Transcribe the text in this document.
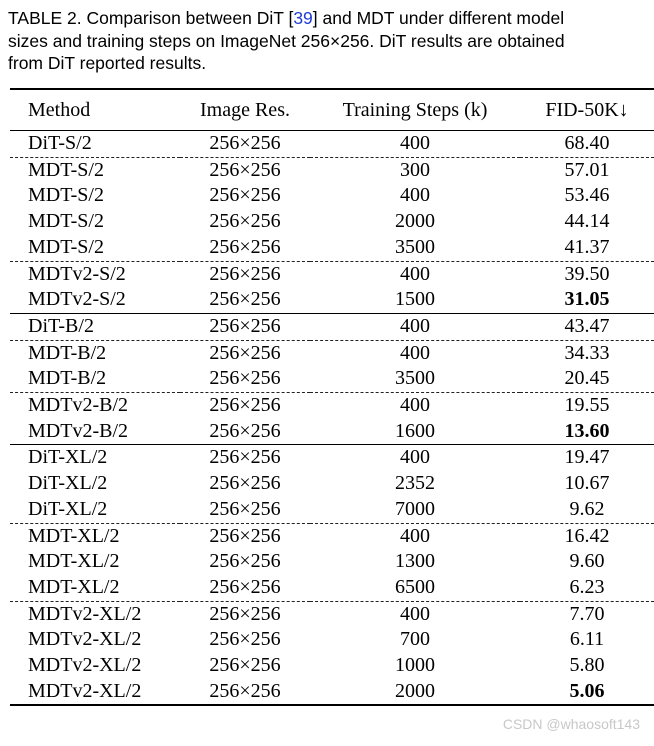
TABLE 2. Comparison between DiT [39] and MDT under different model
sizes and training steps on ImageNet 256×256. DiT results are obtained
from DiT reported results.
Method	Image Res.	Training Steps (k)	FID-50K↓
DiT-S/2	256×256	400	68.40
MDT-S/2	256×256	300	57.01
MDT-S/2	256×256	400	53.46
MDT-S/2	256×256	2000	44.14
MDT-S/2	256×256	3500	41.37
MDTv2-S/2	256×256	400	39.50
MDTv2-S/2	256×256	1500	31.05
DiT-B/2	256×256	400	43.47
MDT-B/2	256×256	400	34.33
MDT-B/2	256×256	3500	20.45
MDTv2-B/2	256×256	400	19.55
MDTv2-B/2	256×256	1600	13.60
DiT-XL/2	256×256	400	19.47
DiT-XL/2	256×256	2352	10.67
DiT-XL/2	256×256	7000	9.62
MDT-XL/2	256×256	400	16.42
MDT-XL/2	256×256	1300	9.60
MDT-XL/2	256×256	6500	6.23
MDTv2-XL/2	256×256	400	7.70
MDTv2-XL/2	256×256	700	6.11
MDTv2-XL/2	256×256	1000	5.80
MDTv2-XL/2	256×256	2000	5.06
CSDN @whaosoft143
